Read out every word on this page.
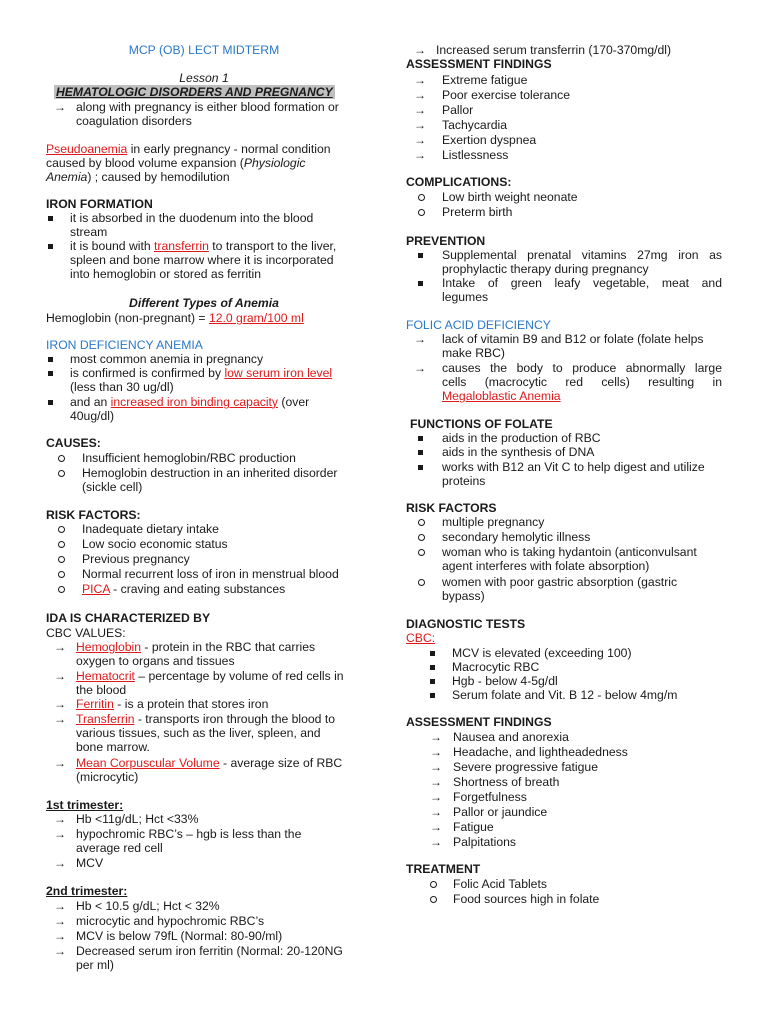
MCP (OB) LECT MIDTERM
Lesson 1
HEMATOLOGIC DISORDERS AND PREGNANCY
→
along with pregnancy is either blood formation or
coagulation disorders
Pseudoanemia in early pregnancy - normal condition
caused by blood volume expansion (Physiologic
Anemia) ; caused by hemodilution
IRON FORMATION
it is absorbed in the duodenum into the blood
stream
it is bound with transferrin to transport to the liver,
spleen and bone marrow where it is incorporated
into hemoglobin or stored as ferritin
Different Types of Anemia
Hemoglobin (non-pregnant) = 12.0 gram/100 ml
IRON DEFICIENCY ANEMIA
most common anemia in pregnancy
is confirmed is confirmed by low serum iron level
(less than 30 ug/dl)
and an increased iron binding capacity (over
40ug/dl)
CAUSES:
Insufficient hemoglobin/RBC production
Hemoglobin destruction in an inherited disorder
(sickle cell)
RISK FACTORS:
Inadequate dietary intake
Low socio economic status
Previous pregnancy
Normal recurrent loss of iron in menstrual blood
PICA - craving and eating substances
IDA IS CHARACTERIZED BY
CBC VALUES:
→
Hemoglobin - protein in the RBC that carries
oxygen to organs and tissues
→
Hematocrit – percentage by volume of red cells in
the blood
→
Ferritin - is a protein that stores iron
→
Transferrin - transports iron through the blood to
various tissues, such as the liver, spleen, and
bone marrow.
→
Mean Corpuscular Volume - average size of RBC
(microcytic)
1st trimester:
→
Hb <11g/dL; Hct <33%
→
hypochromic RBC’s – hgb is less than the
average red cell
→
MCV
2nd trimester:
→
Hb < 10.5 g/dL; Hct < 32%
→
microcytic and hypochromic RBC’s
→
MCV is below 79fL (Normal: 80-90/ml)
→
Decreased serum iron ferritin (Normal: 20-120NG
per ml)
→
Increased serum transferrin (170-370mg/dl)
ASSESSMENT FINDINGS
→
Extreme fatigue
→
Poor exercise tolerance
→
Pallor
→
Tachycardia
→
Exertion dyspnea
→
Listlessness
COMPLICATIONS:
Low birth weight neonate
Preterm birth
PREVENTION
Supplemental prenatal vitamins 27mg iron as
prophylactic therapy during pregnancy
Intake of green leafy vegetable, meat and
legumes
FOLIC ACID DEFICIENCY
→
lack of vitamin B9 and B12 or folate (folate helps
make RBC)
→
causes the body to produce abnormally large
cells (macrocytic red cells) resulting in
Megaloblastic Anemia
FUNCTIONS OF FOLATE
aids in the production of RBC
aids in the synthesis of DNA
works with B12 an Vit C to help digest and utilize
proteins
RISK FACTORS
multiple pregnancy
secondary hemolytic illness
woman who is taking hydantoin (anticonvulsant
agent interferes with folate absorption)
women with poor gastric absorption (gastric
bypass)
DIAGNOSTIC TESTS
CBC:
MCV is elevated (exceeding 100)
Macrocytic RBC
Hgb - below 4-5g/dl
Serum folate and Vit. B 12 - below 4mg/m
ASSESSMENT FINDINGS
→
Nausea and anorexia
→
Headache, and lightheadedness
→
Severe progressive fatigue
→
Shortness of breath
→
Forgetfulness
→
Pallor or jaundice
→
Fatigue
→
Palpitations
TREATMENT
Folic Acid Tablets
Food sources high in folate
